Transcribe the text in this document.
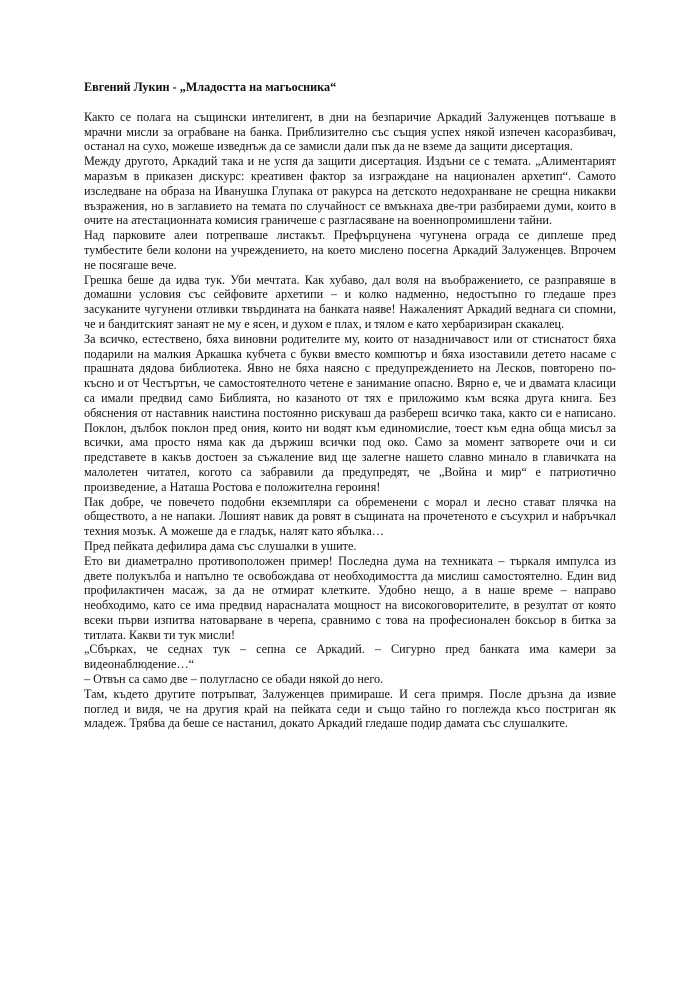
Евгений Лукин - „Младостта на магьосника“

Както се полага на същински интелигент, в дни на безпаричие Аркадий Залуженцев потъваше в мрачни мисли за ограбване на банка. Приблизително със същия успех някой изпечен касоразбивач, останал на сухо, можеше изведнъж да се замисли дали пък да не вземе да защити дисертация.

Между другото, Аркадий така и не успя да защити дисертация. Издъни се с темата. „Алиментарият маразъм в приказен дискурс: креативен фактор за изграждане на национален архетип“. Самото изследване на образа на Иванушка Глупака от ракурса на детското недохранване не срещна никакви възражения, но в заглавието на темата по случайност се вмъкнаха две-три разбираеми думи, които в очите на атестационната комисия граничеше с разгласяване на военнопромишлени тайни.

Над парковите алеи потрепваше листакът. Префърцунена чугунена ограда се диплеше пред тумбестите бели колони на учреждението, на което мислено посегна Аркадий Залуженцев. Впрочем не посягаше вече.

Грешка беше да идва тук. Уби мечтата. Как хубаво, дал воля на въображението, се разправяше в домашни условия със сейфовите архетипи – и колко надменно, недостъпно го гледаше през засуканите чугунени отливки твърдината на банката наяве! Нажаленият Аркадий веднага си спомни, че и бандитският занаят не му е ясен, и духом е плах, и тялом е като хербаризиран скакалец.

За всичко, естествено, бяха виновни родителите му, които от назадничавост или от стиснатост бяха подарили на малкия Аркашка кубчета с букви вместо компютър и бяха изоставили детето насаме с прашната дядова библиотека. Явно не бяха наясно с предупреждението на Лесков, повторено по-късно и от Честъртън, че самостоятелното четене е занимание опасно. Вярно е, че и двамата класици са имали предвид само Библията, но казаното от тях е приложимо към всяка друга книга. Без обяснения от наставник наистина постоянно рискуваш да разбереш всичко така, както си е написано. Поклон, дълбок поклон пред ония, които ни водят към единомислие, тоест към една обща мисъл за всички, ама просто няма как да държиш всички под око. Само за момент затворете очи и си представете в какъв достоен за съжаление вид ще залегне нашето славно минало в главичката на малолетен читател, когото са забравили да предупредят, че „Война и мир“ е патриотично произведение, а Наташа Ростова е положителна героиня!

Пак добре, че повечето подобни екземпляри са обременени с морал и лесно стават плячка на обществото, а не напаки. Лошият навик да ровят в същината на прочетеното е съсухрил и набръчкал техния мозък. А можеше да е гладък, налят като ябълка…

Пред пейката дефилира дама със слушалки в ушите.

Ето ви диаметрално противоположен пример! Последна дума на техниката – търкаля импулса из двете полукълба и напълно те освобождава от необходимостта да мислиш самостоятелно. Един вид профилактичен масаж, за да не отмират клетките. Удобно нещо, а в наше време – направо необходимо, като се има предвид нарасналата мощност на високоговорителите, в резултат от която всеки първи изпитва натоварване в черепа, сравнимо с това на професионален боксьор в битка за титлата. Какви ти тук мисли!

„Сбърках, че седнах тук – сепна се Аркадий. – Сигурно пред банката има камери за видеонаблюдение…“

– Отвън са само две – полугласно се обади някой до него.

Там, където другите потръпват, Залуженцев примираше. И сега примря. После дръзна да извие поглед и видя, че на другия край на пейката седи и също тайно го поглежда късо постриган як младеж. Трябва да беше се настанил, докато Аркадий гледаше подир дамата със слушалките.
